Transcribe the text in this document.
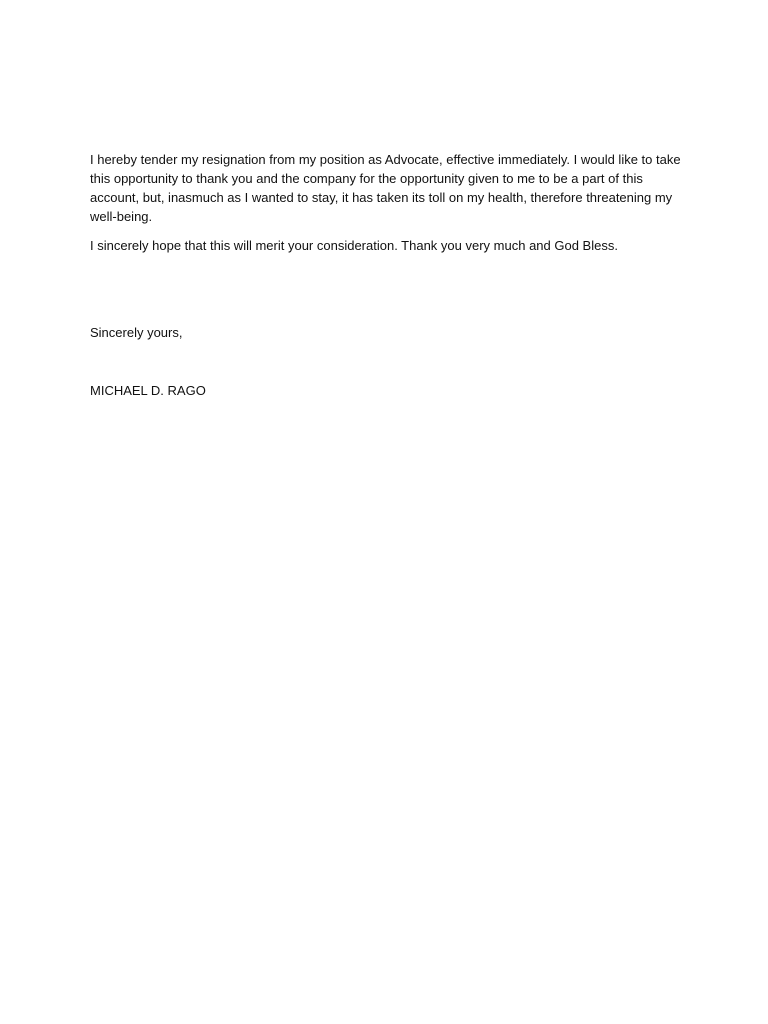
I hereby tender my resignation from my position as Advocate, effective immediately. I would like to take this opportunity to thank you and the company for the opportunity given to me to be a part of this account, but, inasmuch as I wanted to stay, it has taken its toll on my health, therefore threatening my well-being.

I sincerely hope that this will merit your consideration. Thank you very much and God Bless.

Sincerely yours,

MICHAEL D. RAGO
